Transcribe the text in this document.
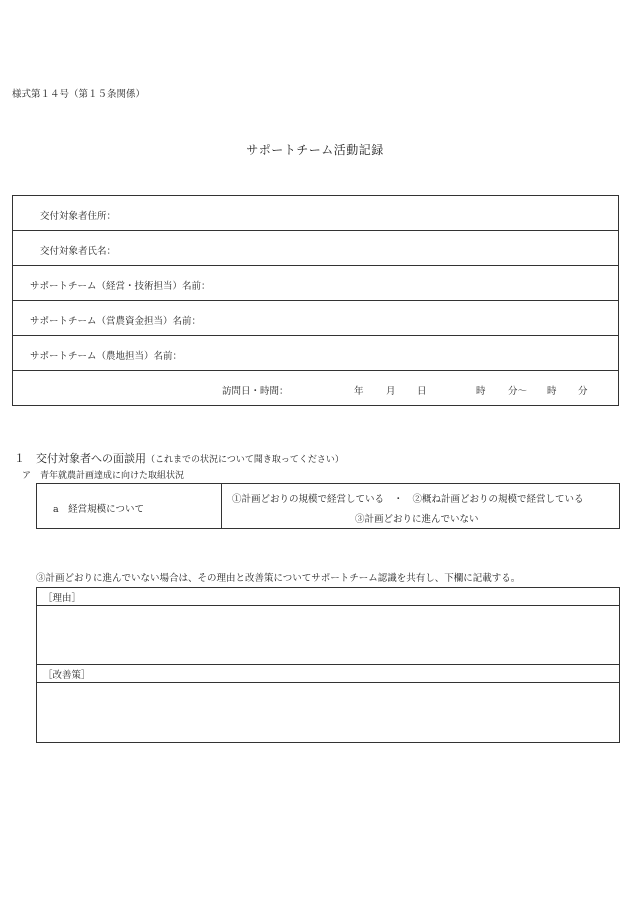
様式第１４号（第１５条関係）
サポートチーム活動記録
交付対象者住所：
交付対象者氏名：
サポートチーム（経営・技術担当）名前：
サポートチーム（営農資金担当）名前：
サポートチーム（農地担当）名前：
訪問日・時間：	年 月 日	時 分〜 時 分
１　交付対象者への面談用（これまでの状況について聞き取ってください）
ア　青年就農計画達成に向けた取組状況
a　経営規模について
①計画どおりの規模で経営している　・　②概ね計画どおりの規模で経営している
③計画どおりに進んでいない
③計画どおりに進んでいない場合は、その理由と改善策についてサポートチーム認識を共有し、下欄に記載する。
［理由］
［改善策］
